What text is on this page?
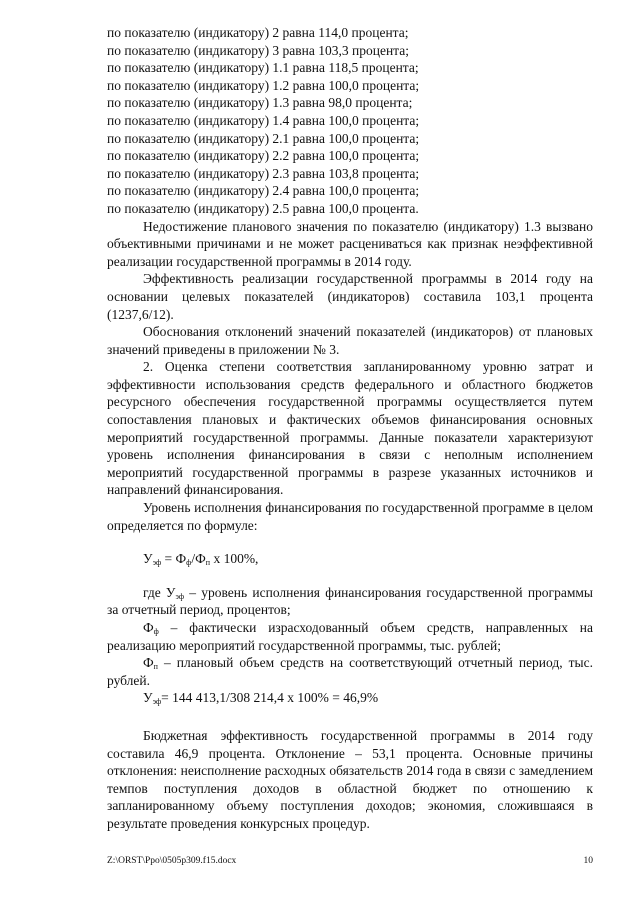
по показателю (индикатору) 2 равна 114,0 процента;
по показателю (индикатору) 3 равна 103,3 процента;
по показателю (индикатору) 1.1 равна 118,5 процента;
по показателю (индикатору) 1.2 равна 100,0 процента;
по показателю (индикатору) 1.3 равна 98,0 процента;
по показателю (индикатору) 1.4 равна 100,0 процента;
по показателю (индикатору) 2.1 равна 100,0 процента;
по показателю (индикатору) 2.2 равна 100,0 процента;
по показателю (индикатору) 2.3 равна 103,8 процента;
по показателю (индикатору) 2.4 равна 100,0 процента;
по показателю (индикатору) 2.5 равна 100,0 процента.

Недостижение планового значения по показателю (индикатору) 1.3 вызвано объективными причинами и не может расцениваться как признак неэффективной реализации государственной программы в 2014 году.

Эффективность реализации государственной программы в 2014 году на основании целевых показателей (индикаторов) составила 103,1 процента (1237,6/12).

Обоснования отклонений значений показателей (индикаторов) от плановых значений приведены в приложении № 3.

2. Оценка степени соответствия запланированному уровню затрат и эффективности использования средств федерального и областного бюджетов ресурсного обеспечения государственной программы осуществляется путем сопоставления плановых и фактических объемов финансирования основных мероприятий государственной программы. Данные показатели характеризуют уровень исполнения финансирования в связи с неполным исполнением мероприятий государственной программы в разрезе указанных источников и направлений финансирования.

Уровень исполнения финансирования по государственной программе в целом определяется по формуле:

$У_{эф} = Ф_ф/Ф_п$ х 100%,

где $У_{эф}$ – уровень исполнения финансирования государственной программы за отчетный период, процентов;

$Ф_ф$ – фактически израсходованный объем средств, направленных на реализацию мероприятий государственной программы, тыс. рублей;

$Ф_п$ – плановый объем средств на соответствующий отчетный период, тыс. рублей.

$У_{эф}= 144$ 413,1/308 214,4 х 100% = 46,9%

Бюджетная эффективность государственной программы в 2014 году составила 46,9 процента. Отклонение – 53,1 процента. Основные причины отклонения: неисполнение расходных обязательств 2014 года в связи с замедлением темпов поступления доходов в областной бюджет по отношению к запланированному объему поступления доходов; экономия, сложившаяся в результате проведения конкурсных процедур.

Z:\ORST\Ppo\0505p309.f15.docx	10
